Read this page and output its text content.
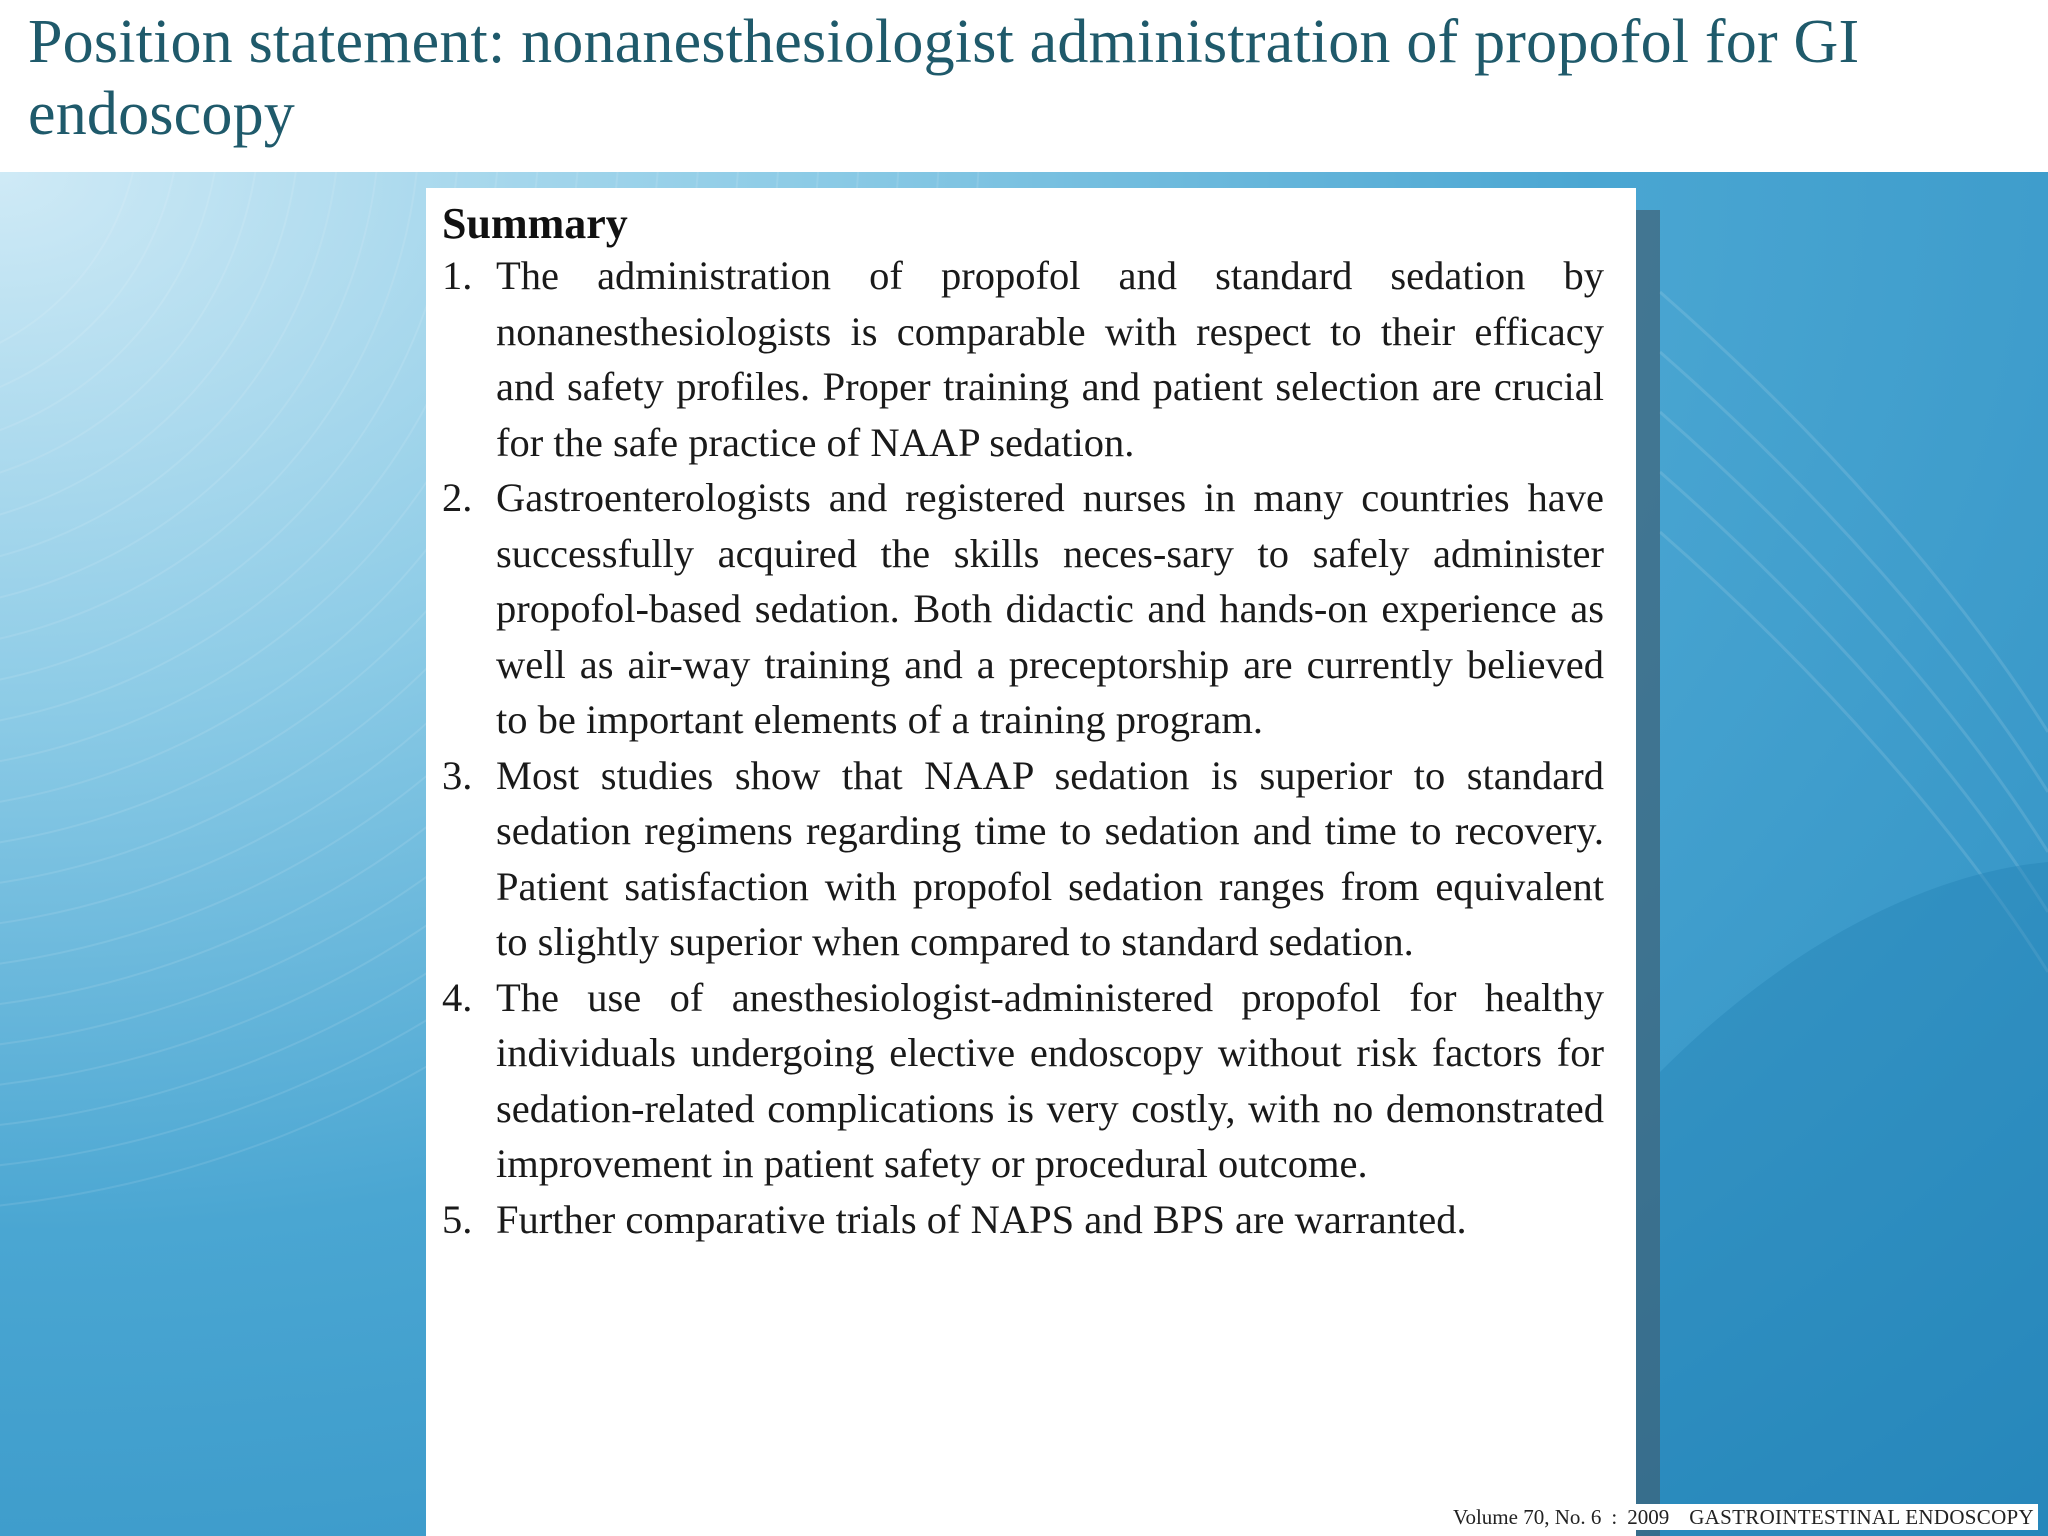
Position statement: nonanesthesiologist administration of propofol for GI endoscopy
Summary
1. The administration of propofol and standard sedation by nonanesthesiologists is comparable with respect to their efficacy and safety profiles. Proper training and patient selection are crucial for the safe practice of NAAP sedation.
2. Gastroenterologists and registered nurses in many countries have successfully acquired the skills neces-sary to safely administer propofol-based sedation. Both didactic and hands-on experience as well as air-way training and a preceptorship are currently believed to be important elements of a training program.
3. Most studies show that NAAP sedation is superior to standard sedation regimens regarding time to sedation and time to recovery. Patient satisfaction with propofol sedation ranges from equivalent to slightly superior when compared to standard sedation.
4. The use of anesthesiologist-administered propofol for healthy individuals undergoing elective endoscopy without risk factors for sedation-related complications is very costly, with no demonstrated improvement in patient safety or procedural outcome.
5. Further comparative trials of NAPS and BPS are warranted.
Volume 70, No. 6 : 2009 GASTROINTESTINAL ENDOSCOPY
